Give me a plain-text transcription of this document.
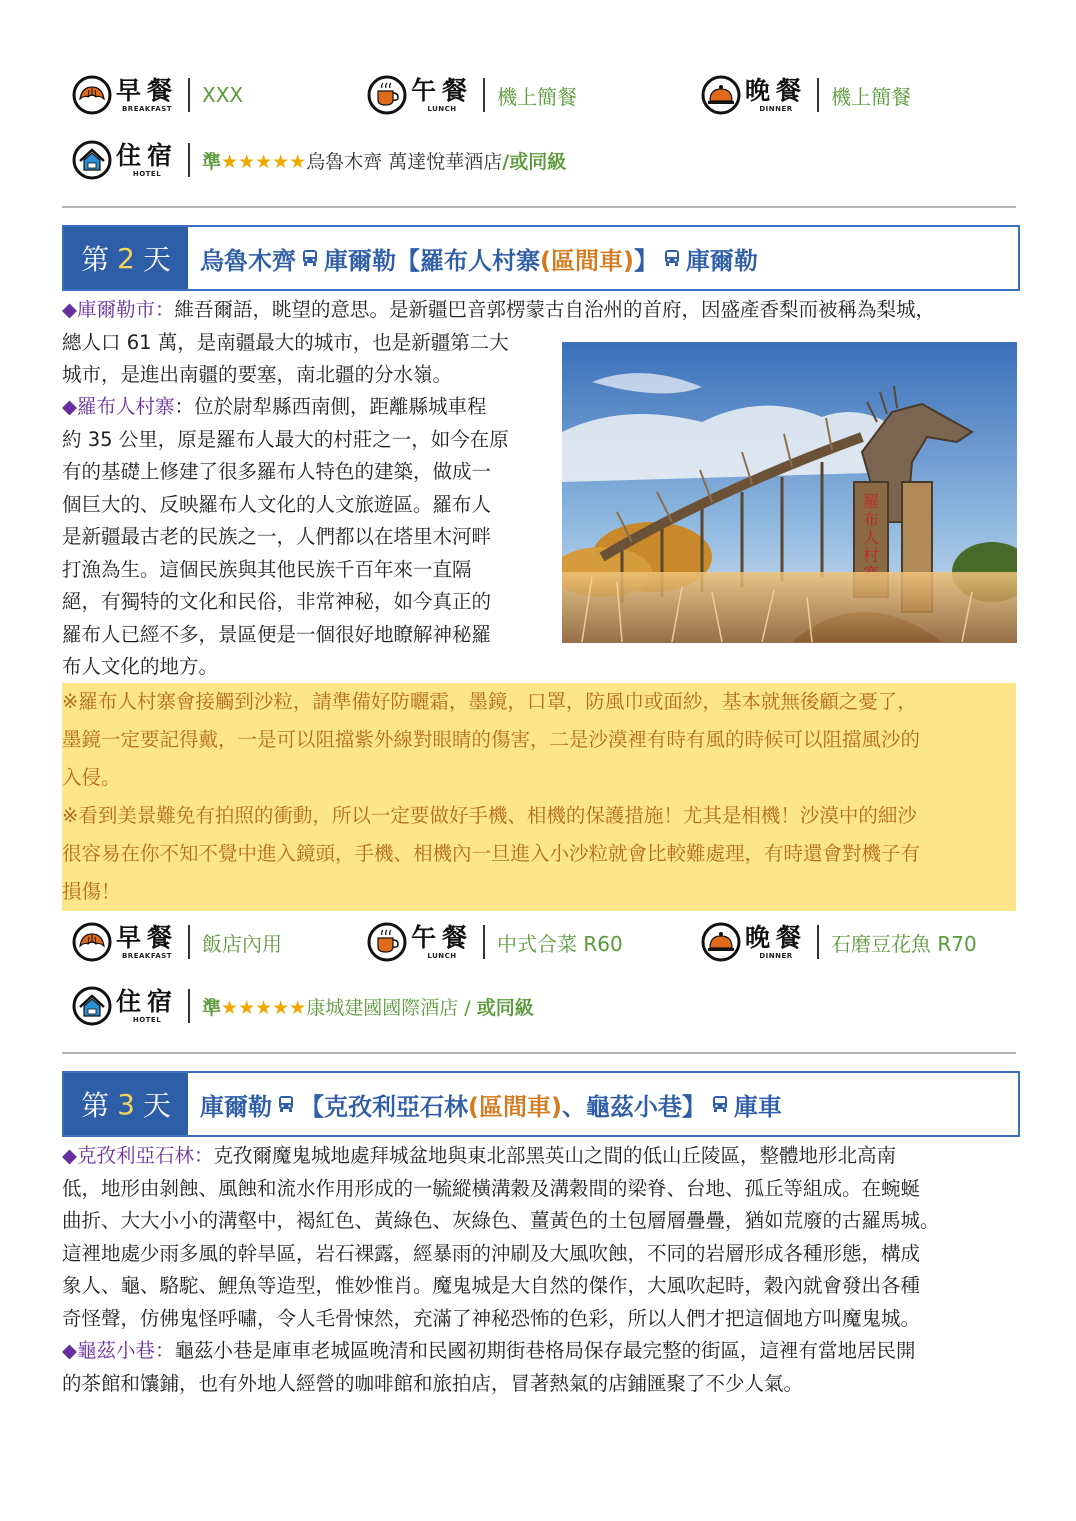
早餐
BREAKFAST
XXX	午餐
LUNCH 機上簡餐	晚餐
DINNER 機上簡餐
住宿
HOTEL
準★★★★★烏魯木齊 萬達悅華酒店/或同級
第 2 天 烏魯木齊 庫爾勒【羅布人村寨 (區間車) 】 庫爾勒
◆庫爾勒市：維吾爾語，眺望的意思。是新疆巴音郭楞蒙古自治州的首府，因盛產香梨而被稱為梨城，
總人口 61 萬，是南疆最大的城市，也是新疆第二大
城市，是進出南疆的要塞，南北疆的分水嶺。
◆羅布人村寨：位於尉犁縣西南側，距離縣城車程
約 35 公里，原是羅布人最大的村莊之一，如今在原
有的基礎上修建了很多羅布人特色的建築，做成一
個巨大的、反映羅布人文化的人文旅遊區。羅布人
是新疆最古老的民族之一，人們都以在塔里木河畔
打漁為生。這個民族與其他民族千百年來一直隔
絕，有獨特的文化和民俗，非常神秘，如今真正的
羅布人已經不多，景區便是一個很好地瞭解神秘羅
布人文化的地方。
羅布人村
※羅布人村寨會接觸到沙粒，請準備好防曬霜，墨鏡，口罩，防風巾或面紗，基本就無後顧之憂了，
墨鏡一定要記得戴，一是可以阻擋紫外線對眼睛的傷害，二是沙漠裡有時有風的時候可以阻擋風沙的
入侵。
※看到美景難免有拍照的衝動，所以一定要做好手機、相機的保護措施！尤其是相機！沙漠中的細沙
很容易在你不知不覺中進入鏡頭，手機、相機內一旦進入小沙粒就會比較難處理，有時還會對機子有
損傷！
早餐
BREAKFAST 飯店內用	午餐
LUNCH 中式合菜 R60	晚餐
DINNER 石磨豆花魚 R70
住宿
HOTEL
準★★★★★康城建國國際酒店 / 或同級
第 3 天 庫爾勒 【克孜利亞石林 (區間車) 、龜茲小巷】 庫車
◆克孜利亞石林：克孜爾魔鬼城地處拜城盆地與東北部黑英山之間的低山丘陵區，整體地形北高南
低，地形由剝蝕、風蝕和流水作用形成的一毓縱橫溝穀及溝穀間的梁脊、台地、孤丘等組成。在蜿蜒
曲折、大大小小的溝壑中，褐紅色、黃綠色、灰綠色、薑黃色的土包層層疊疊，猶如荒廢的古羅馬城。
這裡地處少雨多風的幹旱區，岩石裸露，經暴雨的沖刷及大風吹蝕，不同的岩層形成各種形態，構成
象人、龜、駱駝、鯉魚等造型，惟妙惟肖。魔鬼城是大自然的傑作，大風吹起時，穀內就會發出各種
奇怪聲，仿佛鬼怪呼嘯，令人毛骨悚然，充滿了神秘恐怖的色彩，所以人們才把這個地方叫魔鬼城。
◆龜茲小巷：龜茲小巷是庫車老城區晚清和民國初期街巷格局保存最完整的街區，這裡有當地居民開
的茶館和馕鋪，也有外地人經營的咖啡館和旅拍店，冒著熱氣的店鋪匯聚了不少人氣。
